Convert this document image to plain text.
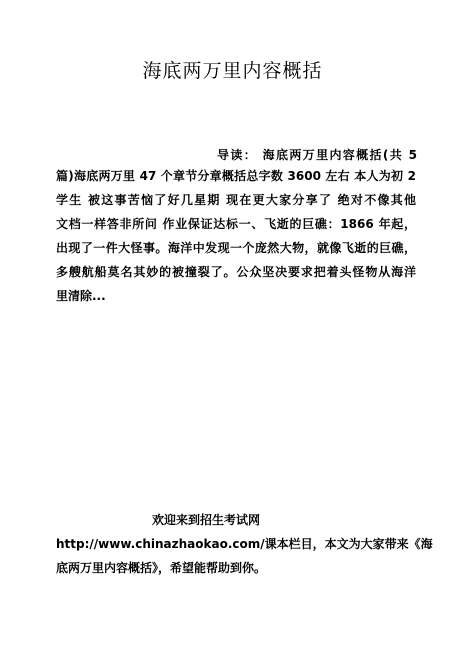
海底两万里内容概括
导读： 海底两万里内容概括(共 5
篇)海底两万里 47 个章节分章概括总字数 3600 左右 本人为初 2
学生 被这事苦恼了好几星期 现在更大家分享了 绝对不像其他
文档一样答非所问 作业保证达标一、飞逝的巨礁：1866 年起，
出现了一件大怪事。海洋中发现一个庞然大物，就像飞逝的巨礁，
多艘航船莫名其妙的被撞裂了。公众坚决要求把着头怪物从海洋
里清除...
欢迎来到招生考试网
http://www.chinazhaokao.com/课本栏目，本文为大家带来《海
底两万里内容概括》，希望能帮助到你。
